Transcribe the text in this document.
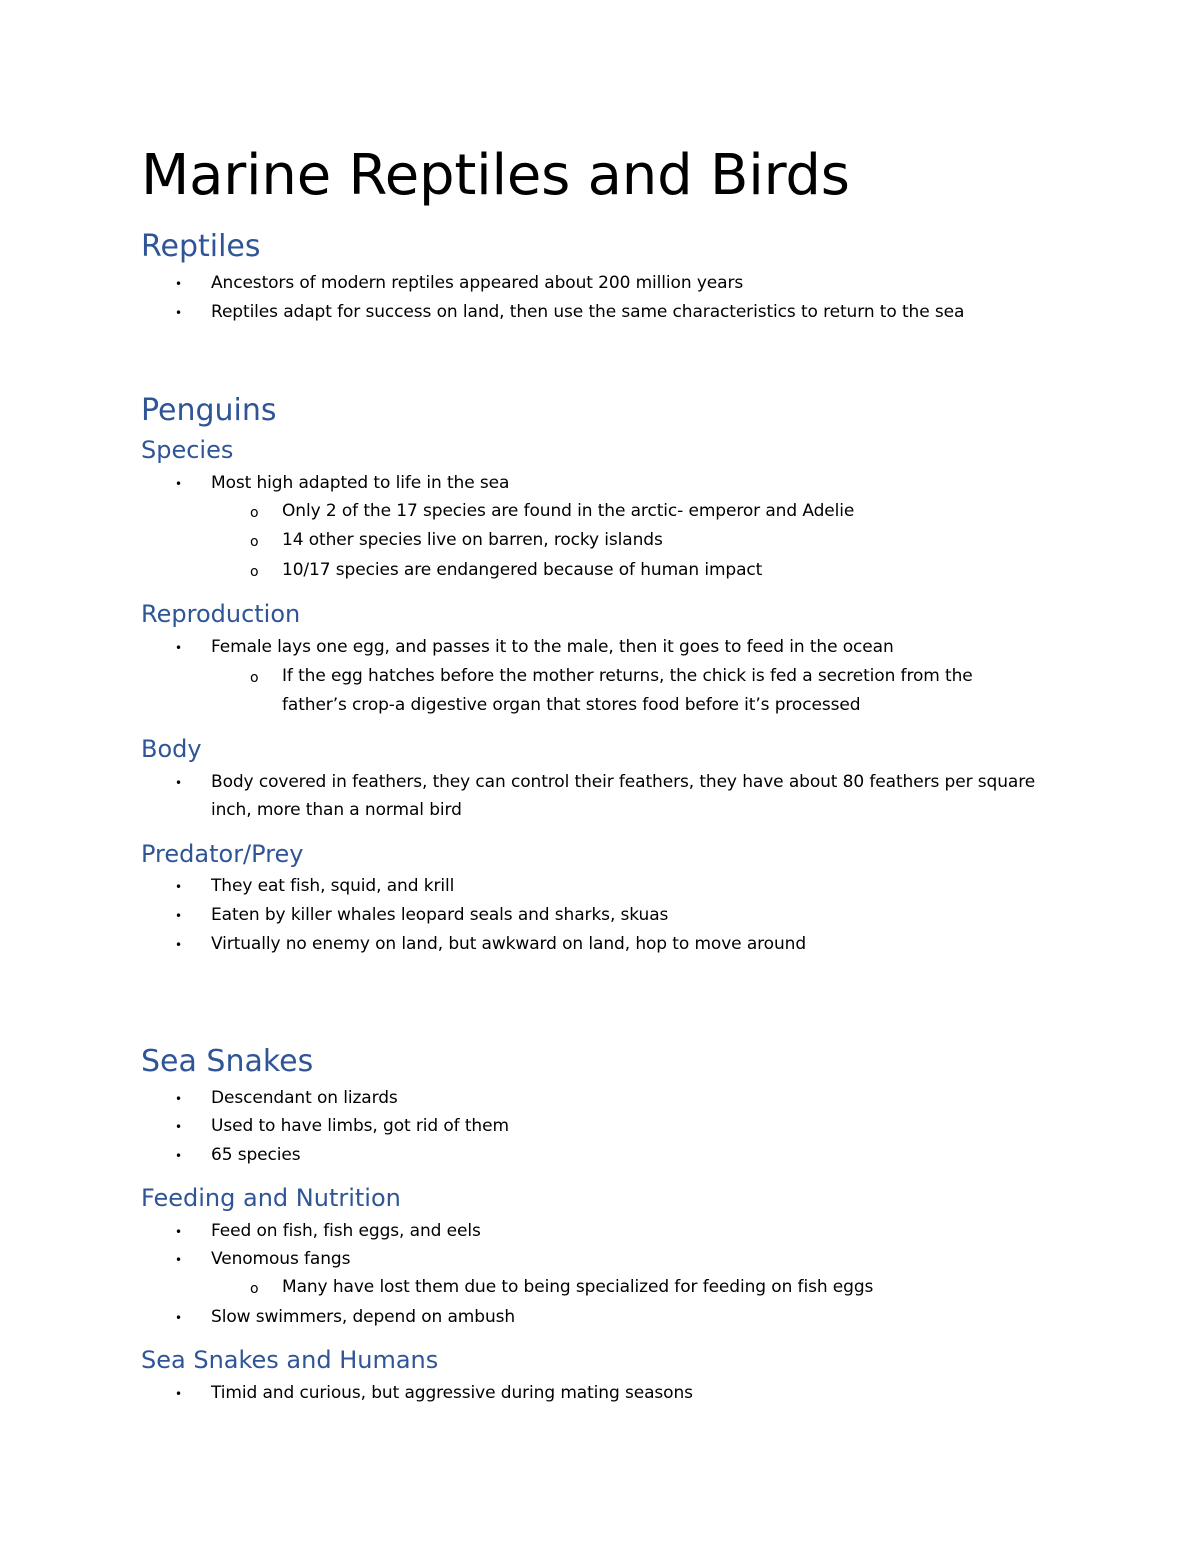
Marine Reptiles and Birds
Reptiles
• Ancestors of modern reptiles appeared about 200 million years
• Reptiles adapt for success on land, then use the same characteristics to return to the sea
Penguins
Species
• Most high adapted to life in the sea
o Only 2 of the 17 species are found in the arctic- emperor and Adelie
o 14 other species live on barren, rocky islands
o 10/17 species are endangered because of human impact
Reproduction
• Female lays one egg, and passes it to the male, then it goes to feed in the ocean
o If the egg hatches before the mother returns, the chick is fed a secretion from the
father’s crop-a digestive organ that stores food before it’s processed
Body
• Body covered in feathers, they can control their feathers, they have about 80 feathers per square
inch, more than a normal bird
Predator/Prey
• They eat fish, squid, and krill
• Eaten by killer whales leopard seals and sharks, skuas
• Virtually no enemy on land, but awkward on land, hop to move around
Sea Snakes
• Descendant on lizards
• Used to have limbs, got rid of them
• 65 species
Feeding and Nutrition
• Feed on fish, fish eggs, and eels
• Venomous fangs
o Many have lost them due to being specialized for feeding on fish eggs
• Slow swimmers, depend on ambush
Sea Snakes and Humans
• Timid and curious, but aggressive during mating seasons
